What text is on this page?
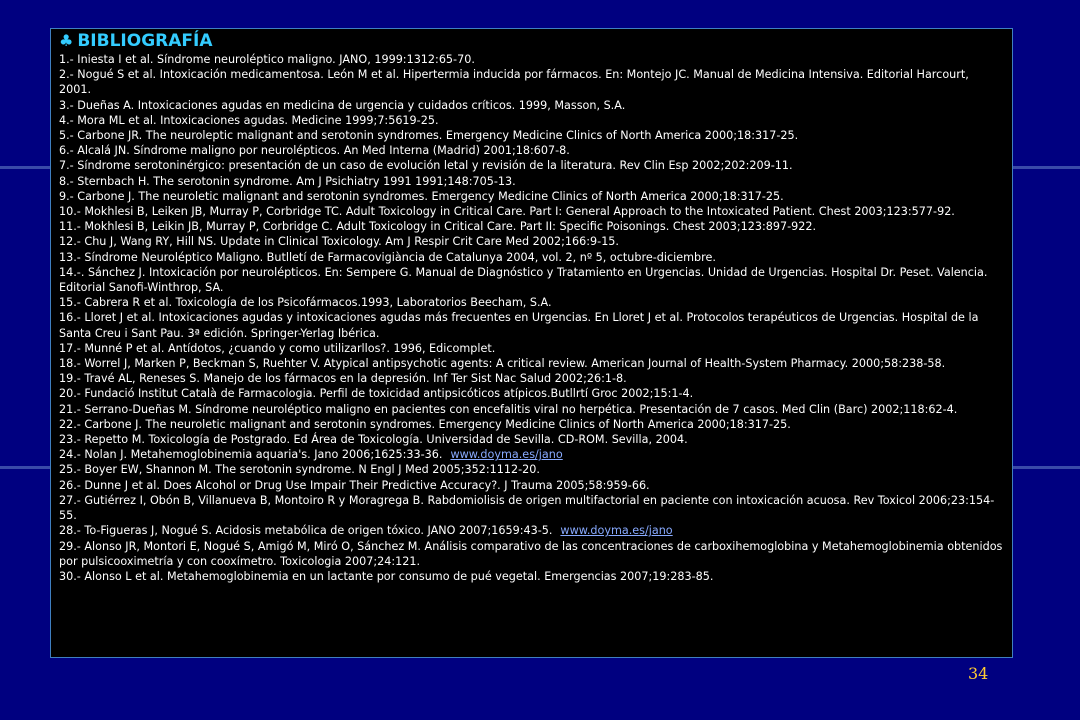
♣ BIBLIOGRAFÍA
1.- Iniesta I et al. Síndrome neuroléptico maligno. JANO, 1999:1312:65-70.
2.- Nogué S et al. Intoxicación medicamentosa. León M et al. Hipertermia inducida por fármacos. En: Montejo JC. Manual de Medicina Intensiva. Editorial Harcourt, 2001.
3.- Dueñas A. Intoxicaciones agudas en medicina de urgencia y cuidados críticos. 1999, Masson, S.A.
4.- Mora ML et al. Intoxicaciones agudas. Medicine 1999;7:5619-25.
5.- Carbone JR. The neuroleptic malignant and serotonin syndromes. Emergency Medicine Clinics of North America 2000;18:317-25.
6.- Alcalá JN. Síndrome maligno por neurolépticos. An Med Interna (Madrid) 2001;18:607-8.
7.- Síndrome serotoninérgico: presentación de un caso de evolución letal y revisión de la literatura. Rev Clin Esp 2002;202:209-11.
8.- Sternbach H. The serotonin syndrome. Am J Psichiatry 1991 1991;148:705-13.
9.- Carbone J. The neuroletic malignant and serotonin syndromes. Emergency Medicine Clinics of North America 2000;18:317-25.
10.- Mokhlesi B, Leiken JB, Murray P, Corbridge TC. Adult Toxicology in Critical Care. Part I: General Approach to the Intoxicated Patient. Chest 2003;123:577-92.
11.- Mokhlesi B, Leikin JB, Murray P, Corbridge C. Adult Toxicology in Critical Care. Part II: Specific Poisonings. Chest 2003;123:897-922.
12.- Chu J, Wang RY, Hill NS. Update in Clinical Toxicology. Am J Respir Crit Care Med 2002;166:9-15.
13.- Síndrome Neuroléptico Maligno. Butlletí de Farmacovigiància de Catalunya 2004, vol. 2, nº 5, octubre-diciembre.
14.-. Sánchez J. Intoxicación por neurolépticos. En: Sempere G. Manual de Diagnóstico y Tratamiento en Urgencias. Unidad de Urgencias. Hospital Dr. Peset. Valencia. Editorial Sanofi-Winthrop, SA.
15.- Cabrera R et al. Toxicología de los Psicofármacos.1993, Laboratorios Beecham, S.A.
16.- Lloret J et al. Intoxicaciones agudas y intoxicaciones agudas más frecuentes en Urgencias. En Lloret J et al. Protocolos terapéuticos de Urgencias. Hospital de la Santa Creu i Sant Pau. 3ª edición. Springer-Yerlag Ibérica.
17.- Munné P et al. Antídotos, ¿cuando y como utilizarllos?. 1996, Edicomplet.
18.- Worrel J, Marken P, Beckman S, Ruehter V. Atypical antipsychotic agents: A critical review. American Journal of Health-System Pharmacy. 2000;58:238-58.
19.- Travé AL, Reneses S. Manejo de los fármacos en la depresión. Inf Ter Sist Nac Salud 2002;26:1-8.
20.- Fundació Institut Català de Farmacologia. Perfil de toxicidad antipsicóticos atípicos.Butllrtí Groc 2002;15:1-4.
21.- Serrano-Dueñas M. Síndrome neuroléptico maligno en pacientes con encefalitis viral no herpética. Presentación de 7 casos. Med Clin (Barc) 2002;118:62-4.
22.- Carbone J. The neuroletic malignant and serotonin syndromes. Emergency Medicine Clinics of North America 2000;18:317-25.
23.- Repetto M. Toxicología de Postgrado. Ed Área de Toxicología. Universidad de Sevilla. CD-ROM. Sevilla, 2004.
24.- Nolan J. Metahemoglobinemia aquaria's. Jano 2006;1625:33-36. www.doyma.es/jano
25.- Boyer EW, Shannon M. The serotonin syndrome. N Engl J Med 2005;352:1112-20.
26.- Dunne J et al. Does Alcohol or Drug Use Impair Their Predictive Accuracy?. J Trauma 2005;58:959-66.
27.- Gutiérrez I, Obón B, Villanueva B, Montoiro R y Moragrega B. Rabdomiolisis de origen multifactorial en paciente con intoxicación acuosa. Rev Toxicol 2006;23:154-55.
28.- To-Figueras J, Nogué S. Acidosis metabólica de origen tóxico. JANO 2007;1659:43-5. www.doyma.es/jano
29.- Alonso JR, Montori E, Nogué S, Amigó M, Miró O, Sánchez M. Análisis comparativo de las concentraciones de carboxihemoglobina y Metahemoglobinemia obtenidos por pulsicooximetría y con cooxímetro. Toxicologia 2007;24:121.
30.- Alonso L et al. Metahemoglobinemia en un lactante por consumo de pué vegetal. Emergencias 2007;19:283-85.
34
